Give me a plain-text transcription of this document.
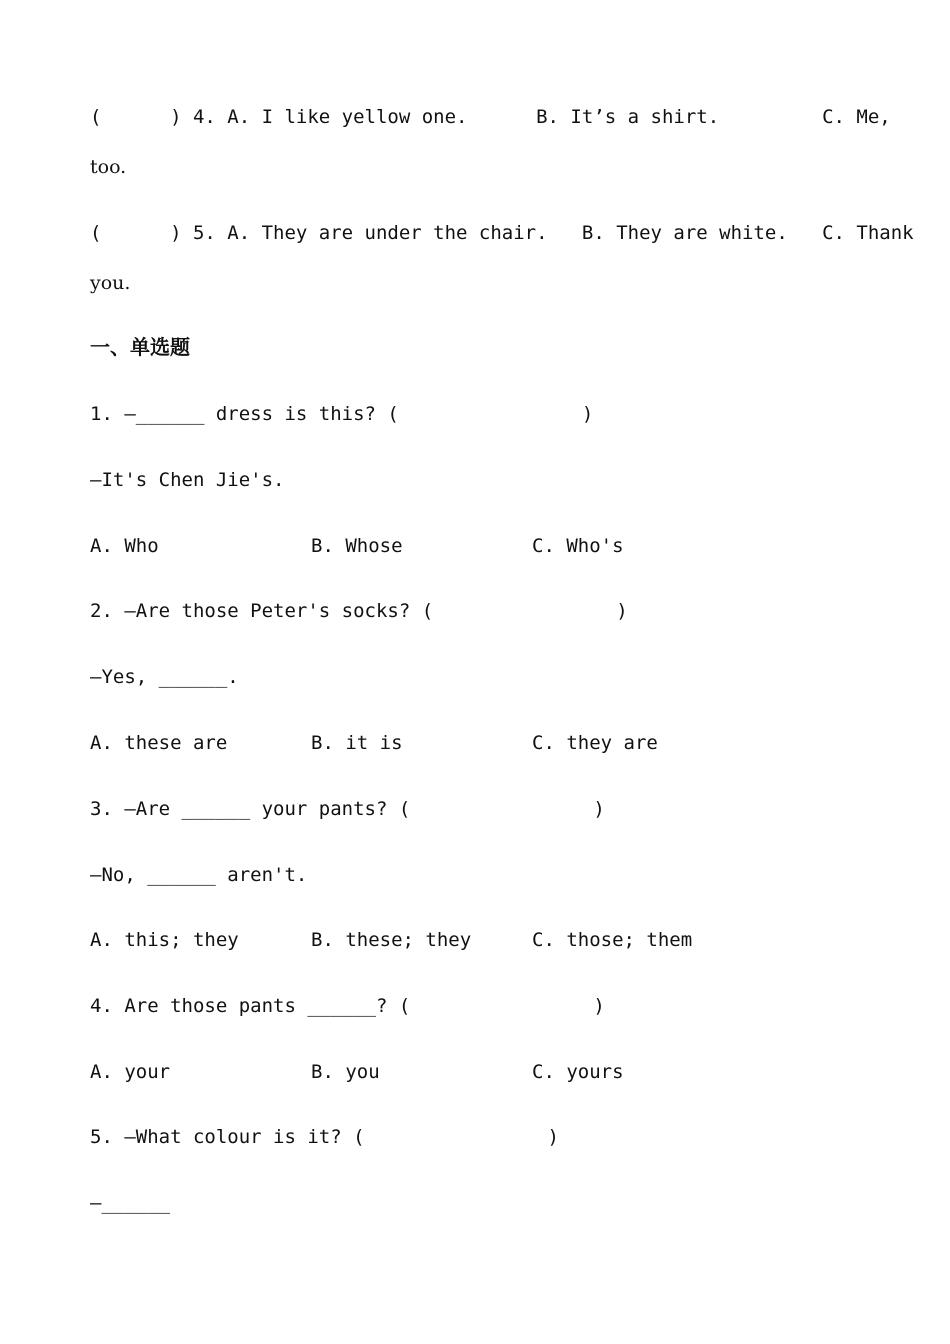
(      ) 4. A. I like yellow one.      B. It’s a shirt.         C. Me,
too.
(      ) 5. A. They are under the chair.   B. They are white.   C. Thank
you.
一、单选题
1. —______ dress is this? (                )
—It's Chen Jie's.
A. Who	B. Whose	C. Who's
2. —Are those Peter's socks? (                )
—Yes, ______.
A. these are	B. it is	C. they are
3. —Are ______ your pants? (                )
—No, ______ aren't.
A. this; they	B. these; they	C. those; them
4. Are those pants ______? (                )
A. your	B. you	C. yours
5. —What colour is it? (                )
—______
